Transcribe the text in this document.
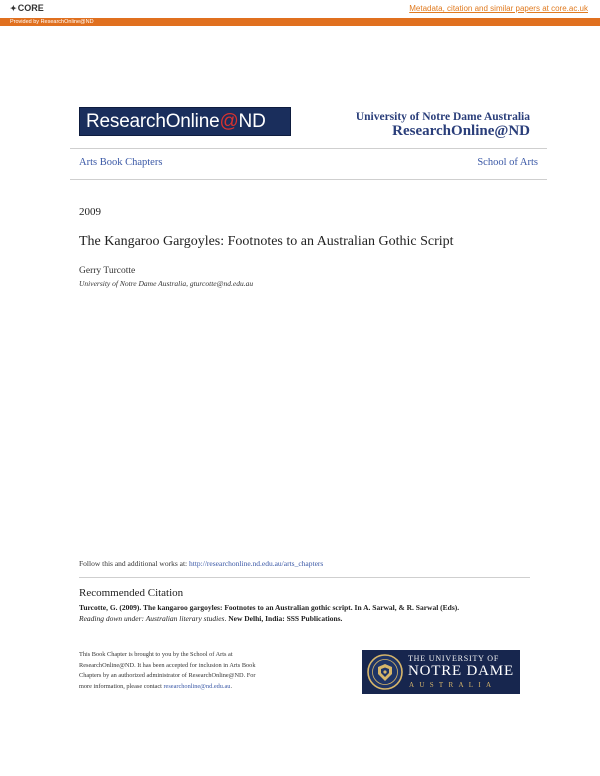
✦CORE	Metadata, citation and similar papers at core.ac.uk
Provided by ResearchOnline@ND
ResearchOnline@ND	University of Notre Dame Australia
ResearchOnline@ND
Arts Book Chapters	School of Arts
2009
The Kangaroo Gargoyles: Footnotes to an Australian Gothic Script
Gerry Turcotte
University of Notre Dame Australia, gturcotte@nd.edu.au
Follow this and additional works at: http://researchonline.nd.edu.au/arts_chapters
Recommended Citation
Turcotte, G. (2009). The kangaroo gargoyles: Footnotes to an Australian gothic script. In A. Sarwal, & R. Sarwal (Eds).
Reading down under: Australian literary studies. New Delhi, India: SSS Publications.
This Book Chapter is brought to you by the School of Arts at
ResearchOnline@ND. It has been accepted for inclusion in Arts Book
Chapters by an authorized administrator of ResearchOnline@ND. For
more information, please contact researchonline@nd.edu.au.
THE UNIVERSITY OF
NOTRE DAME
AUSTRALIA
